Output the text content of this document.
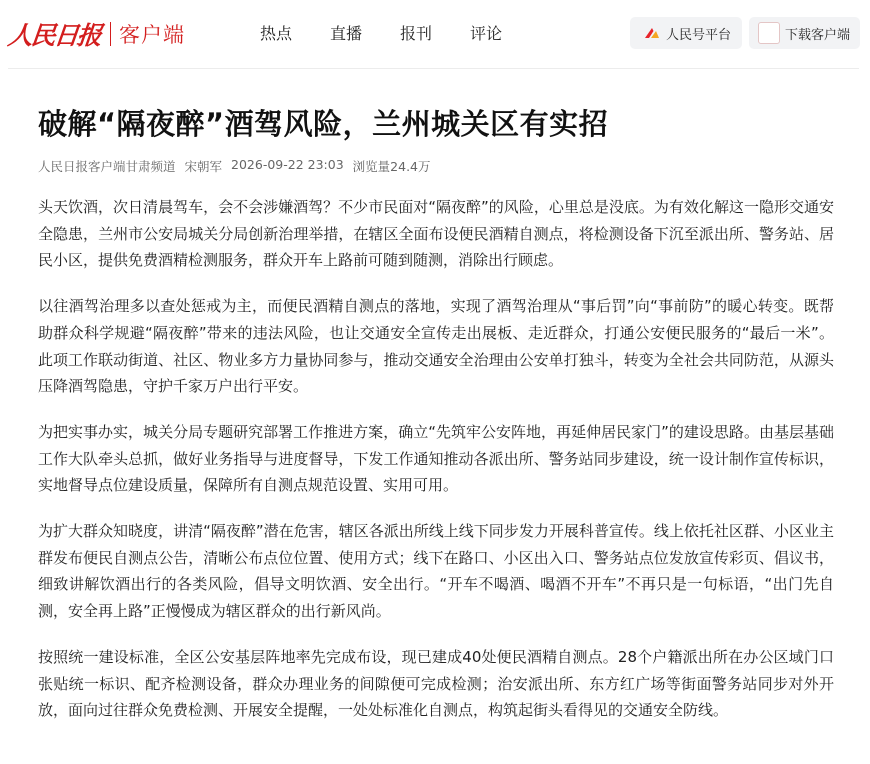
人民日报 客户端	热点 直播 报刊 评论	人民号平台	下载客户端
破解“隔夜醉”酒驾风险，兰州城关区有实招
人民日报客户端甘肃频道 宋朝军 2026-09-22 23:03 浏览量24.4万

头天饮酒，次日清晨驾车，会不会涉嫌酒驾？不少市民面对“隔夜醉”的风险，心里总是没底。为有效化解这一隐形交通安全隐患，兰州市公安局城关分局创新治理举措，在辖区全面布设便民酒精自测点，将检测设备下沉至派出所、警务站、居民小区，提供免费酒精检测服务，群众开车上路前可随到随测，消除出行顾虑。

以往酒驾治理多以查处惩戒为主，而便民酒精自测点的落地，实现了酒驾治理从“事后罚”向“事前防”的暖心转变。既帮助群众科学规避“隔夜醉”带来的违法风险，也让交通安全宣传走出展板、走近群众，打通公安便民服务的“最后一米”。此项工作联动街道、社区、物业多方力量协同参与，推动交通安全治理由公安单打独斗，转变为全社会共同防范，从源头压降酒驾隐患，守护千家万户出行平安。

为把实事办实，城关分局专题研究部署工作推进方案，确立“先筑牢公安阵地，再延伸居民家门”的建设思路。由基层基础工作大队牵头总抓，做好业务指导与进度督导，下发工作通知推动各派出所、警务站同步建设，统一设计制作宣传标识，实地督导点位建设质量，保障所有自测点规范设置、实用可用。

为扩大群众知晓度，讲清“隔夜醉”潜在危害，辖区各派出所线上线下同步发力开展科普宣传。线上依托社区群、小区业主群发布便民自测点公告，清晰公布点位位置、使用方式；线下在路口、小区出入口、警务站点位发放宣传彩页、倡议书，细致讲解饮酒出行的各类风险，倡导文明饮酒、安全出行。“开车不喝酒、喝酒不开车”不再只是一句标语，“出门先自测，安全再上路”正慢慢成为辖区群众的出行新风尚。

按照统一建设标准，全区公安基层阵地率先完成布设，现已建成40处便民酒精自测点。28个户籍派出所在办公区域门口张贴统一标识、配齐检测设备，群众办理业务的间隙便可完成检测；治安派出所、东方红广场等街面警务站同步对外开放，面向过往群众免费检测、开展安全提醒，一处处标准化自测点，构筑起街头看得见的交通安全防线。
